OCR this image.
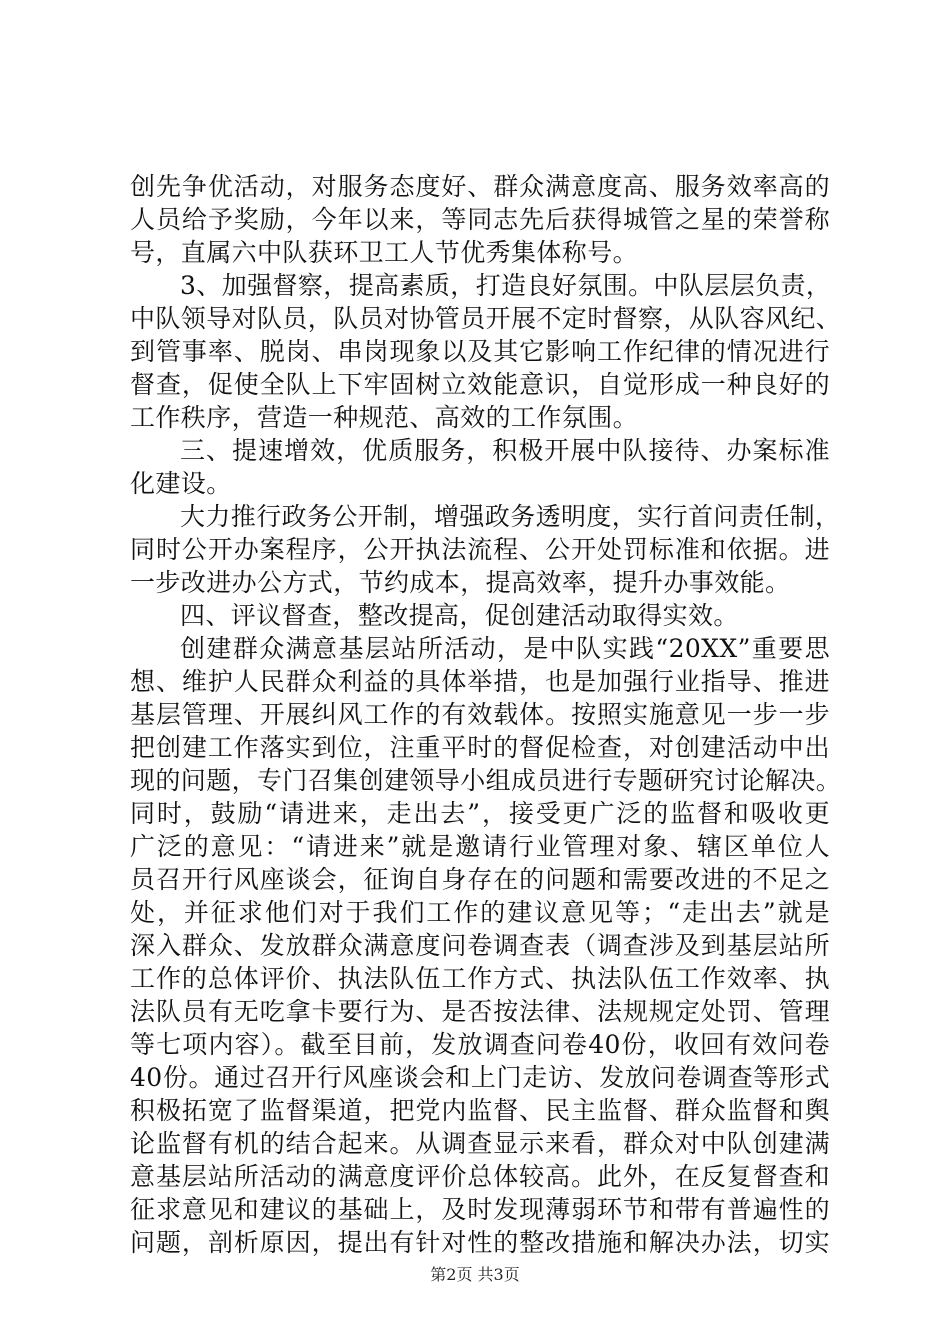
创先争优活动，对服务态度好、群众满意度高、服务效率高的
人员给予奖励，今年以来，等同志先后获得城管之星的荣誉称
号，直属六中队获环卫工人节优秀集体称号。
3、加强督察，提高素质，打造良好氛围。中队层层负责，
中队领导对队员，队员对协管员开展不定时督察，从队容风纪、
到管事率、脱岗、串岗现象以及其它影响工作纪律的情况进行
督查，促使全队上下牢固树立效能意识，自觉形成一种良好的
工作秩序，营造一种规范、高效的工作氛围。
三、提速增效，优质服务，积极开展中队接待、办案标准
化建设。
大力推行政务公开制，增强政务透明度，实行首问责任制，
同时公开办案程序，公开执法流程、公开处罚标准和依据。进
一步改进办公方式，节约成本，提高效率，提升办事效能。
四、评议督查，整改提高，促创建活动取得实效。
创建群众满意基层站所活动，是中队实践“20XX”重要思
想、维护人民群众利益的具体举措，也是加强行业指导、推进
基层管理、开展纠风工作的有效载体。按照实施意见一步一步
把创建工作落实到位，注重平时的督促检查，对创建活动中出
现的问题，专门召集创建领导小组成员进行专题研究讨论解决。
同时，鼓励“请进来，走出去”，接受更广泛的监督和吸收更
广泛的意见：“请进来”就是邀请行业管理对象、辖区单位人
员召开行风座谈会，征询自身存在的问题和需要改进的不足之
处，并征求他们对于我们工作的建议意见等；“走出去”就是
深入群众、发放群众满意度问卷调查表（调查涉及到基层站所
工作的总体评价、执法队伍工作方式、执法队伍工作效率、执
法队员有无吃拿卡要行为、是否按法律、法规规定处罚、管理
等七项内容）。截至目前，发放调查问卷40份，收回有效问卷
40份。通过召开行风座谈会和上门走访、发放问卷调查等形式
积极拓宽了监督渠道，把党内监督、民主监督、群众监督和舆
论监督有机的结合起来。从调查显示来看，群众对中队创建满
意基层站所活动的满意度评价总体较高。此外，在反复督查和
征求意见和建议的基础上，及时发现薄弱环节和带有普遍性的
问题，剖析原因，提出有针对性的整改措施和解决办法，切实
第2页 共3页
